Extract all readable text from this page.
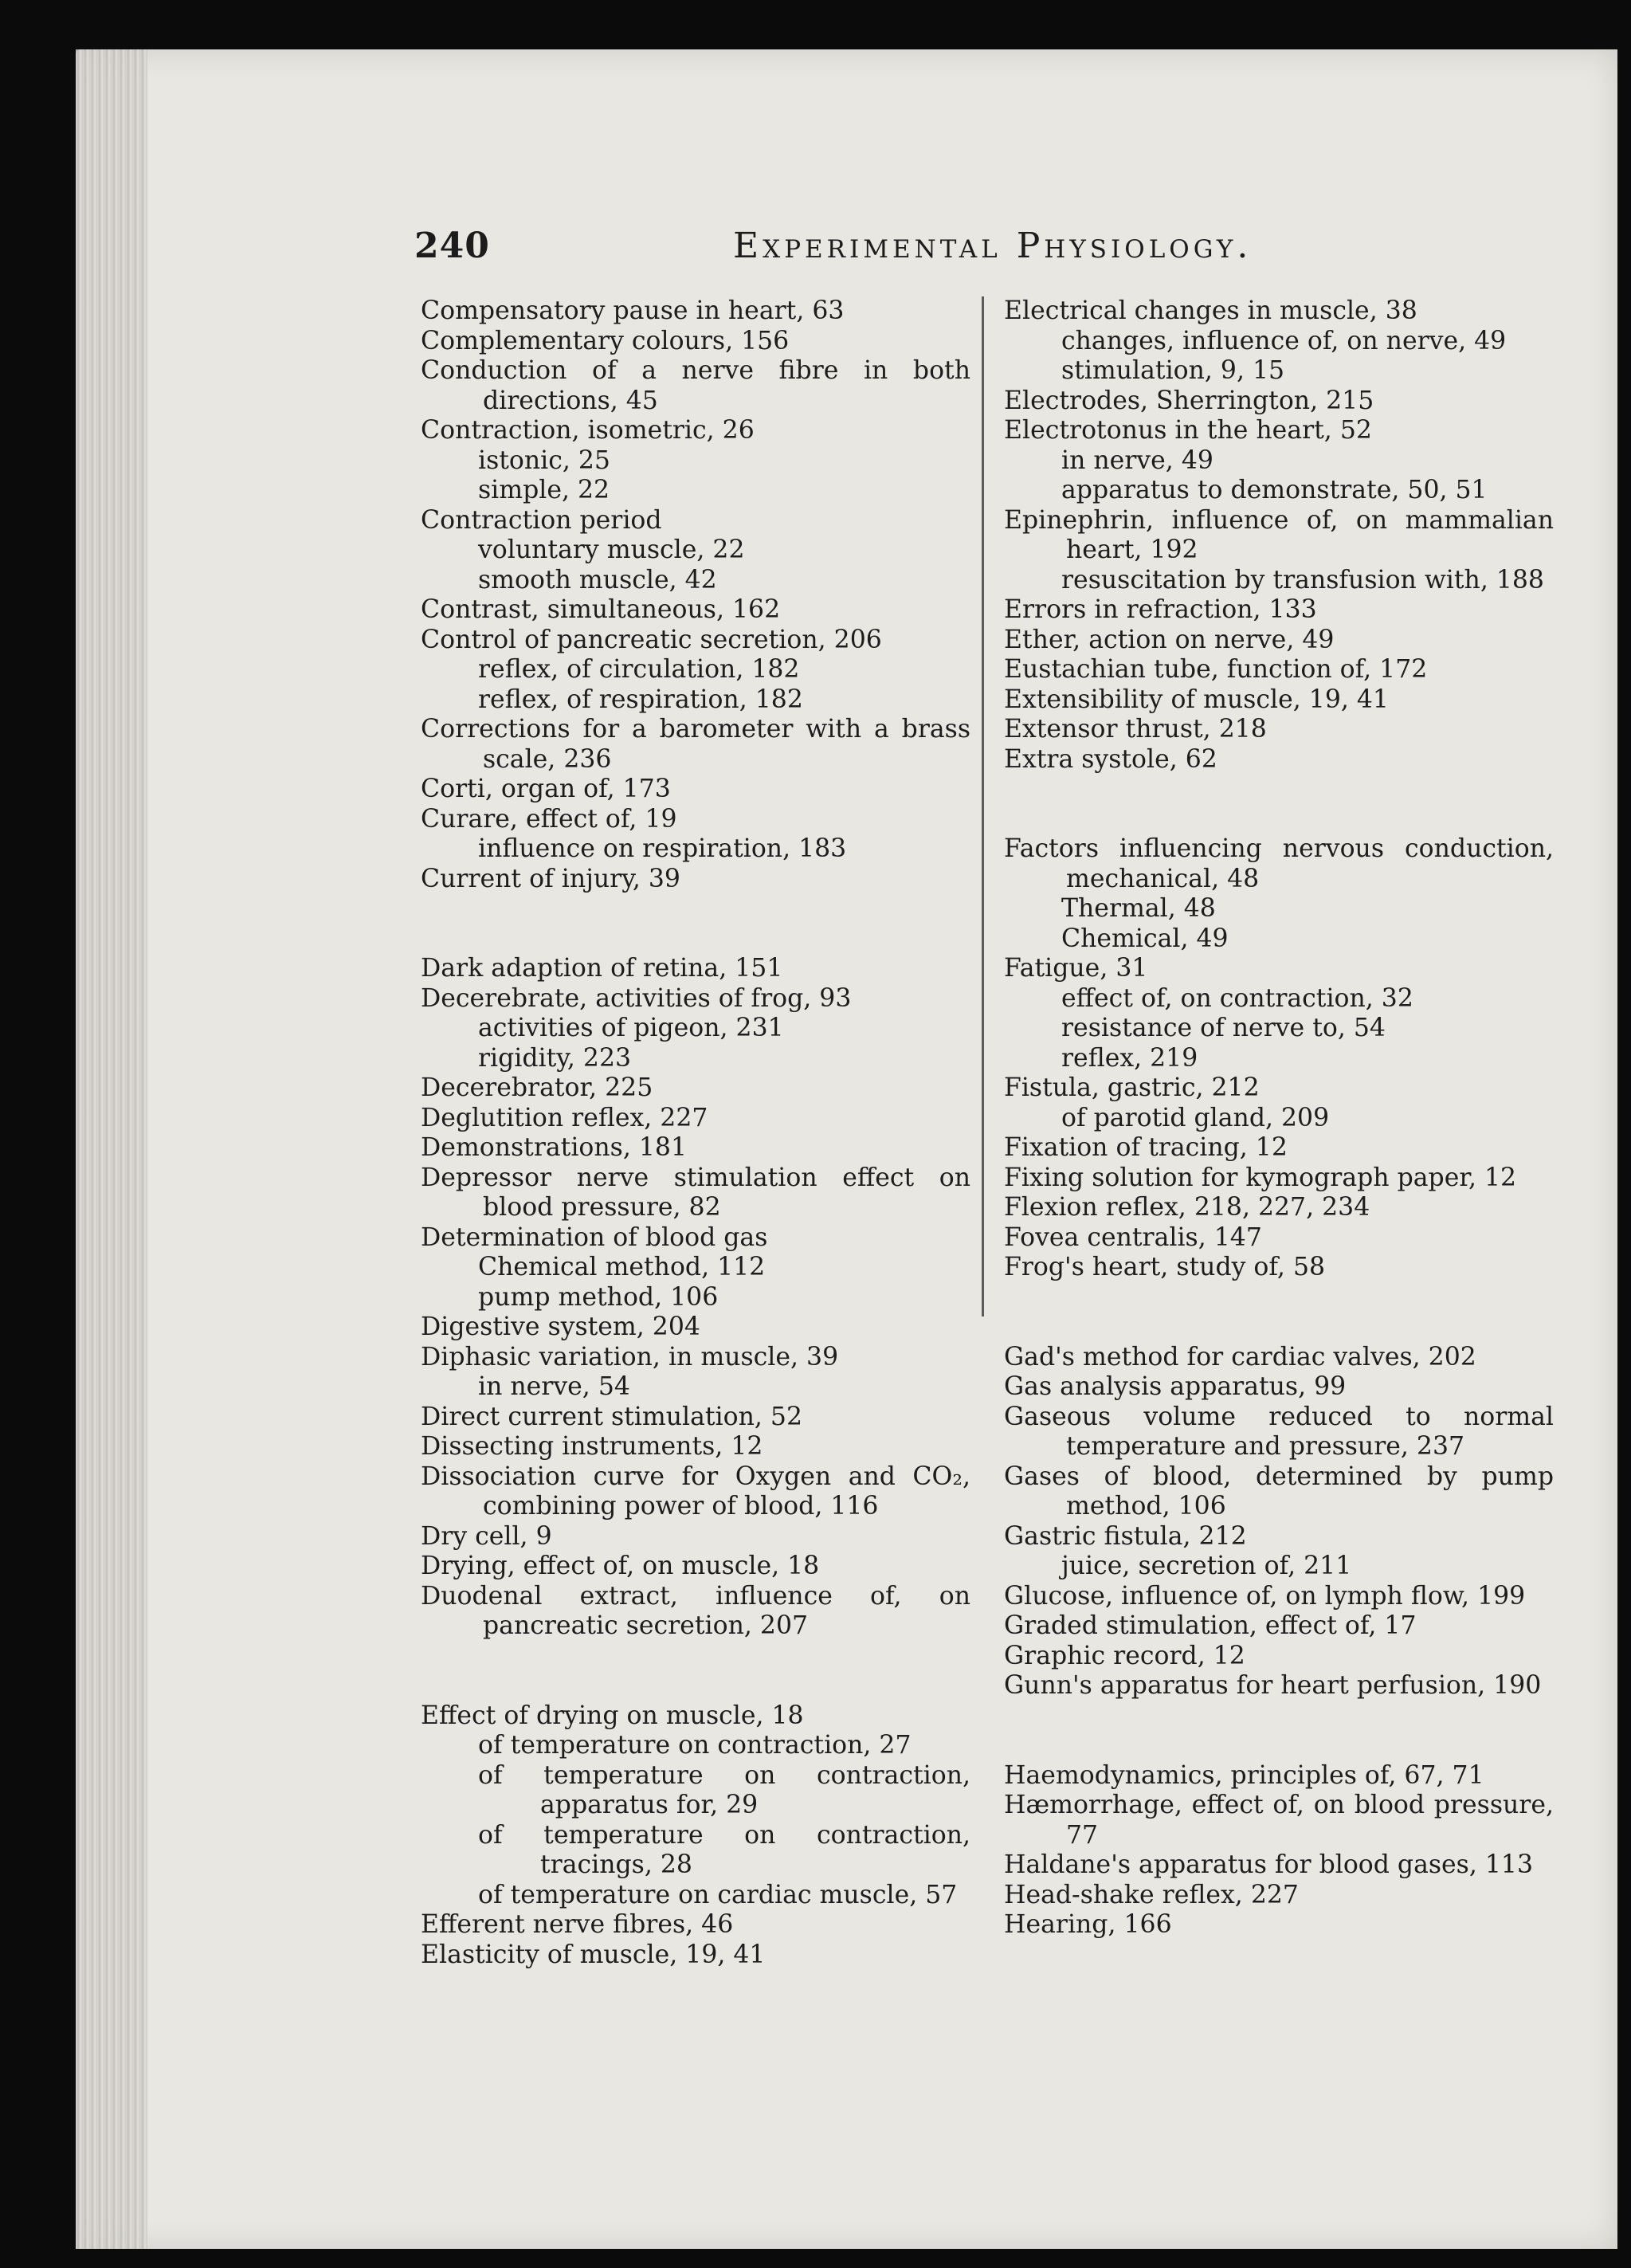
240	Experimental Physiology.
Compensatory pause in heart, 63
Complementary colours, 156
Conduction of a nerve fibre in both directions, 45
Contraction, isometric, 26
istonic, 25
simple, 22
Contraction period
voluntary muscle, 22
smooth muscle, 42
Contrast, simultaneous, 162
Control of pancreatic secretion, 206
reflex, of circulation, 182
reflex, of respiration, 182
Corrections for a barometer with a brass scale, 236
Corti, organ of, 173
Curare, effect of, 19
influence on respiration, 183
Current of injury, 39
Dark adaption of retina, 151
Decerebrate, activities of frog, 93
activities of pigeon, 231
rigidity, 223
Decerebrator, 225
Deglutition reflex, 227
Demonstrations, 181
Depressor nerve stimulation effect on blood pressure, 82
Determination of blood gas
Chemical method, 112
pump method, 106
Digestive system, 204
Diphasic variation, in muscle, 39
in nerve, 54
Direct current stimulation, 52
Dissecting instruments, 12
Dissociation curve for Oxygen and CO₂, combining power of blood, 116
Dry cell, 9
Drying, effect of, on muscle, 18
Duodenal extract, influence of, on pancreatic secretion, 207
Effect of drying on muscle, 18
of temperature on contraction, 27
of temperature on contraction, apparatus for, 29
of temperature on contraction, tracings, 28
of temperature on cardiac muscle, 57
Efferent nerve fibres, 46
Elasticity of muscle, 19, 41
Electrical changes in muscle, 38
changes, influence of, on nerve, 49
stimulation, 9, 15
Electrodes, Sherrington, 215
Electrotonus in the heart, 52
in nerve, 49
apparatus to demonstrate, 50, 51
Epinephrin, influence of, on mammalian heart, 192
resuscitation by transfusion with, 188
Errors in refraction, 133
Ether, action on nerve, 49
Eustachian tube, function of, 172
Extensibility of muscle, 19, 41
Extensor thrust, 218
Extra systole, 62
Factors influencing nervous conduction, mechanical, 48
Thermal, 48
Chemical, 49
Fatigue, 31
effect of, on contraction, 32
resistance of nerve to, 54
reflex, 219
Fistula, gastric, 212
of parotid gland, 209
Fixation of tracing, 12
Fixing solution for kymograph paper, 12
Flexion reflex, 218, 227, 234
Fovea centralis, 147
Frog's heart, study of, 58
Gad's method for cardiac valves, 202
Gas analysis apparatus, 99
Gaseous volume reduced to normal temperature and pressure, 237
Gases of blood, determined by pump method, 106
Gastric fistula, 212
juice, secretion of, 211
Glucose, influence of, on lymph flow, 199
Graded stimulation, effect of, 17
Graphic record, 12
Gunn's apparatus for heart perfusion, 190
Haemodynamics, principles of, 67, 71
Hæmorrhage, effect of, on blood pressure, 77
Haldane's apparatus for blood gases, 113
Head-shake reflex, 227
Hearing, 166
